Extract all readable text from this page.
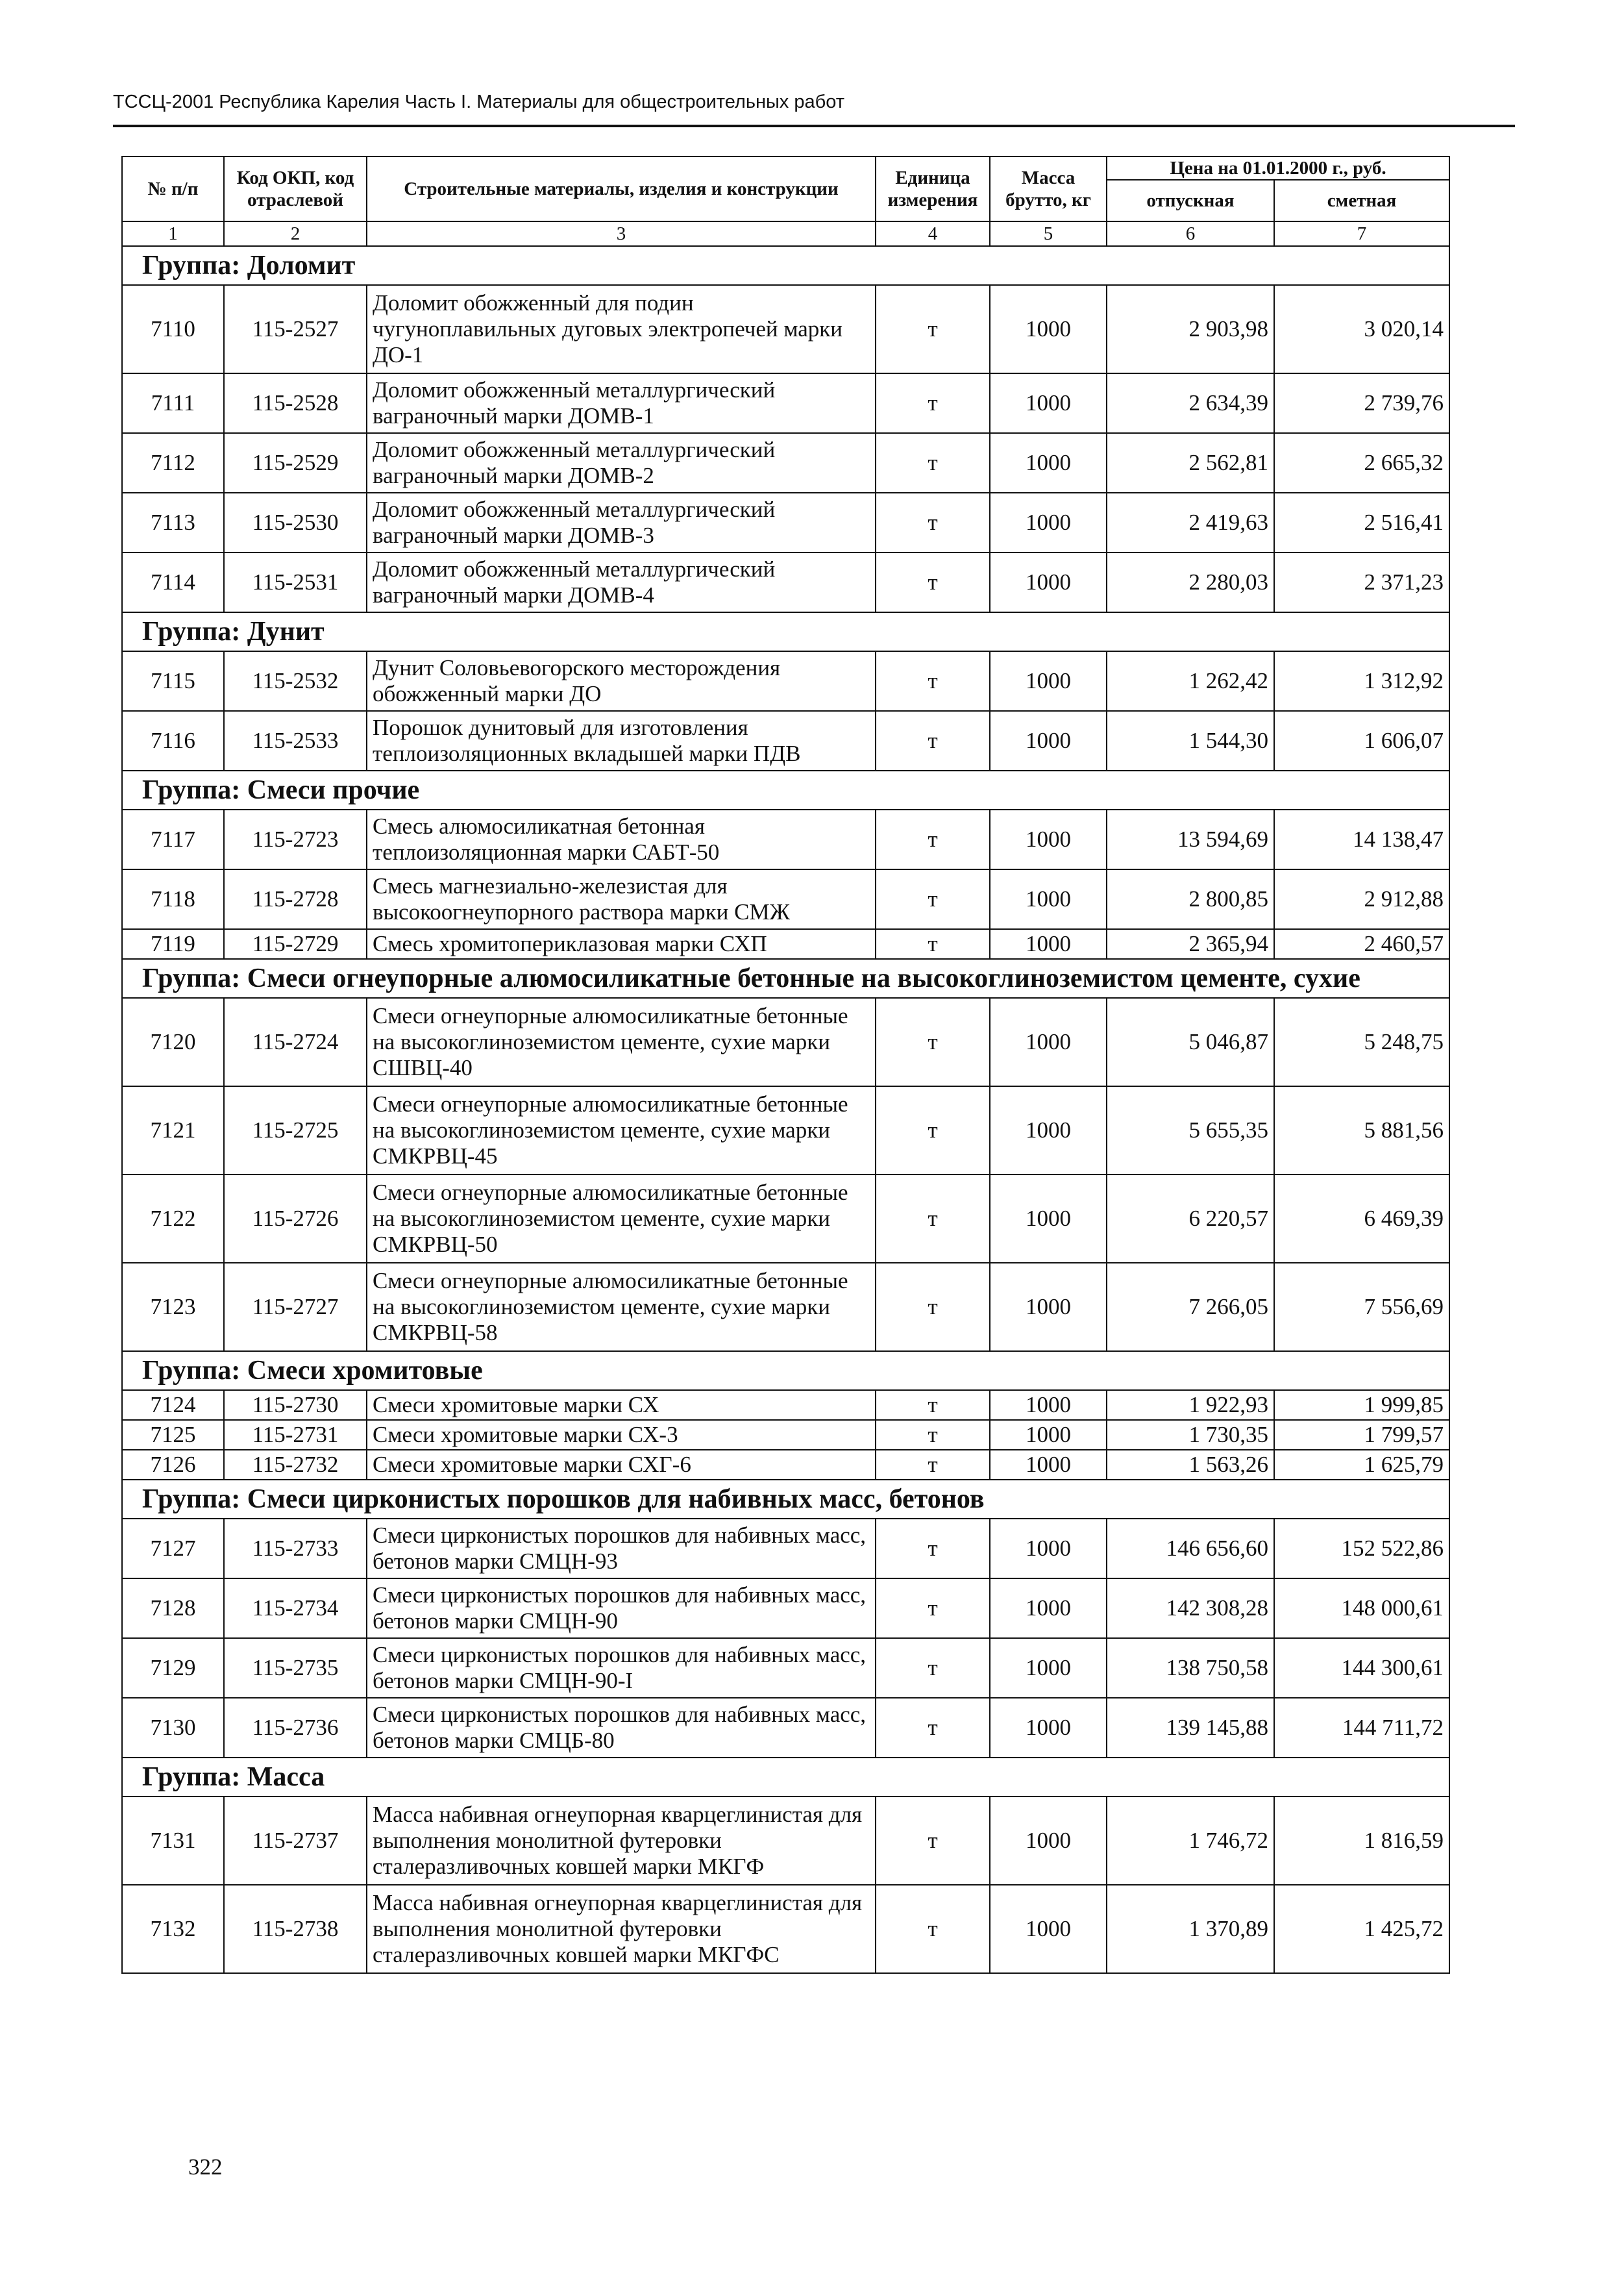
ТССЦ-2001 Республика Карелия Часть I. Материалы для общестроительных работ
№ п/п	Код ОКП, код отраслевой	Строительные материалы, изделия и конструкции	Единица измерения	Масса брутто, кг	Цена на 01.01.2000 г., руб.	
					отпускная	сметная
1	2	3	4	5	6	7
Группа: Доломит						
7110	115-2527	Доломит обожженный для подин чугуноплавильных дуговых электропечей марки ДО-1	т	1000	2 903,98	3 020,14
7111	115-2528	Доломит обожженный металлургический ваграночный марки ДОМВ-1	т	1000	2 634,39	2 739,76
7112	115-2529	Доломит обожженный металлургический ваграночный марки ДОМВ-2	т	1000	2 562,81	2 665,32
7113	115-2530	Доломит обожженный металлургический ваграночный марки ДОМВ-3	т	1000	2 419,63	2 516,41
7114	115-2531	Доломит обожженный металлургический ваграночный марки ДОМВ-4	т	1000	2 280,03	2 371,23
Группа: Дунит						
7115	115-2532	Дунит Соловьевогорского месторождения обожженный марки ДО	т	1000	1 262,42	1 312,92
7116	115-2533	Порошок дунитовый для изготовления теплоизоляционных вкладышей марки ПДВ	т	1000	1 544,30	1 606,07
Группа: Смеси прочие						
7117	115-2723	Смесь алюмосиликатная бетонная теплоизоляционная марки САБТ-50	т	1000	13 594,69	14 138,47
7118	115-2728	Смесь магнезиально-железистая для высокоогнеупорного раствора марки СМЖ	т	1000	2 800,85	2 912,88
7119	115-2729	Смесь хромитопериклазовая марки СХП	т	1000	2 365,94	2 460,57
Группа: Смеси огнеупорные алюмосиликатные бетонные на высокоглиноземистом цементе, сухие						
7120	115-2724	Смеси огнеупорные алюмосиликатные бетонные на высокоглиноземистом цементе, сухие марки СШВЦ-40	т	1000	5 046,87	5 248,75
7121	115-2725	Смеси огнеупорные алюмосиликатные бетонные на высокоглиноземистом цементе, сухие марки СМКРВЦ-45	т	1000	5 655,35	5 881,56
7122	115-2726	Смеси огнеупорные алюмосиликатные бетонные на высокоглиноземистом цементе, сухие марки СМКРВЦ-50	т	1000	6 220,57	6 469,39
7123	115-2727	Смеси огнеупорные алюмосиликатные бетонные на высокоглиноземистом цементе, сухие марки СМКРВЦ-58	т	1000	7 266,05	7 556,69
Группа: Смеси хромитовые						
7124	115-2730	Смеси хромитовые марки СХ	т	1000	1 922,93	1 999,85
7125	115-2731	Смеси хромитовые марки СХ-3	т	1000	1 730,35	1 799,57
7126	115-2732	Смеси хромитовые марки СХГ-6	т	1000	1 563,26	1 625,79
Группа: Смеси цирконистых порошков для набивных масс, бетонов						
7127	115-2733	Смеси цирконистых порошков для набивных масс, бетонов марки СМЦН-93	т	1000	146 656,60	152 522,86
7128	115-2734	Смеси цирконистых порошков для набивных масс, бетонов марки СМЦН-90	т	1000	142 308,28	148 000,61
7129	115-2735	Смеси цирконистых порошков для набивных масс, бетонов марки СМЦН-90-I	т	1000	138 750,58	144 300,61
7130	115-2736	Смеси цирконистых порошков для набивных масс, бетонов марки СМЦБ-80	т	1000	139 145,88	144 711,72
Группа: Масса						
7131	115-2737	Масса набивная огнеупорная кварцеглинистая для выполнения монолитной футеровки сталеразливочных ковшей марки МКГФ	т	1000	1 746,72	1 816,59
7132	115-2738	Масса набивная огнеупорная кварцеглинистая для выполнения монолитной футеровки сталеразливочных ковшей марки МКГФС	т	1000	1 370,89	1 425,72
322
